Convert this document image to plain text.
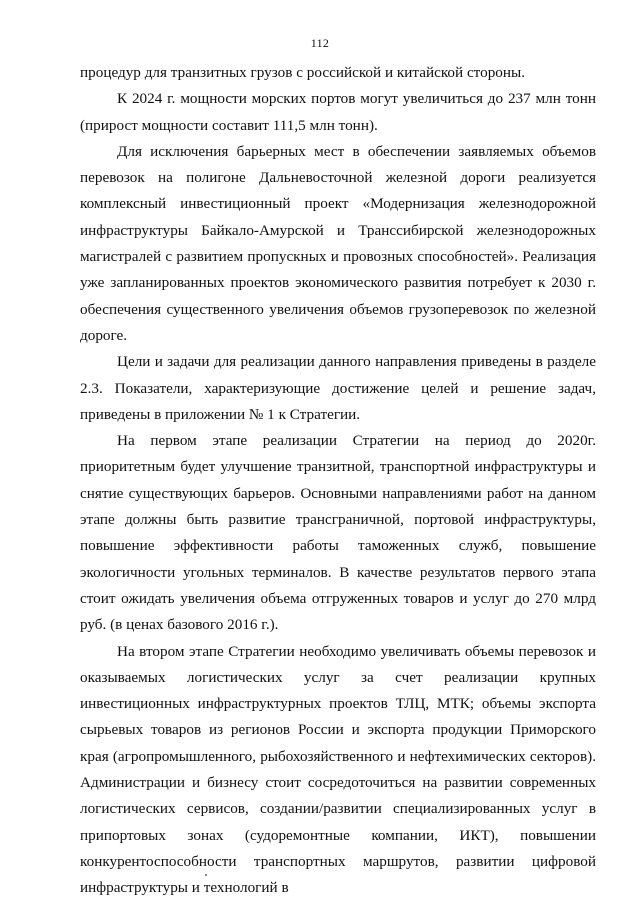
112

процедур для транзитных грузов с российской и китайской стороны.

К 2024 г. мощности морских портов могут увеличиться до 237 млн тонн (прирост мощности составит 111,5 млн тонн).

Для исключения барьерных мест в обеспечении заявляемых объемов перевозок на полигоне Дальневосточной железной дороги реализуется комплексный инвестиционный проект «Модернизация железнодорожной инфраструктуры Байкало-Амурской и Транссибирской железнодорожных магистралей с развитием пропускных и провозных способностей». Реализация уже запланированных проектов экономического развития потребует к 2030 г. обеспечения существенного увеличения объемов грузоперевозок по железной дороге.

Цели и задачи для реализации данного направления приведены в разделе 2.3. Показатели, характеризующие достижение целей и решение задач, приведены в приложении № 1 к Стратегии.

На первом этапе реализации Стратегии на период до 2020г. приоритетным будет улучшение транзитной, транспортной инфраструктуры и снятие существующих барьеров. Основными направлениями работ на данном этапе должны быть развитие трансграничной, портовой инфраструктуры, повышение эффективности работы таможенных служб, повышение экологичности угольных терминалов. В качестве результатов первого этапа стоит ожидать увеличения объема отгруженных товаров и услуг до 270 млрд руб. (в ценах базового 2016 г.).

На втором этапе Стратегии необходимо увеличивать объемы перевозок и оказываемых логистических услуг за счет реализации крупных инвестиционных инфраструктурных проектов ТЛЦ, МТК; объемы экспорта сырьевых товаров из регионов России и экспорта продукции Приморского края (агропромышленного, рыбохозяйственного и нефтехимических секторов). Администрации и бизнесу стоит сосредоточиться на развитии современных логистических сервисов, создании/развитии специализированных услуг в припортовых зонах (судоремонтные компании, ИКТ), повышении конкурентоспособности транспортных маршрутов, развитии цифровой инфраструктуры и технологий в
